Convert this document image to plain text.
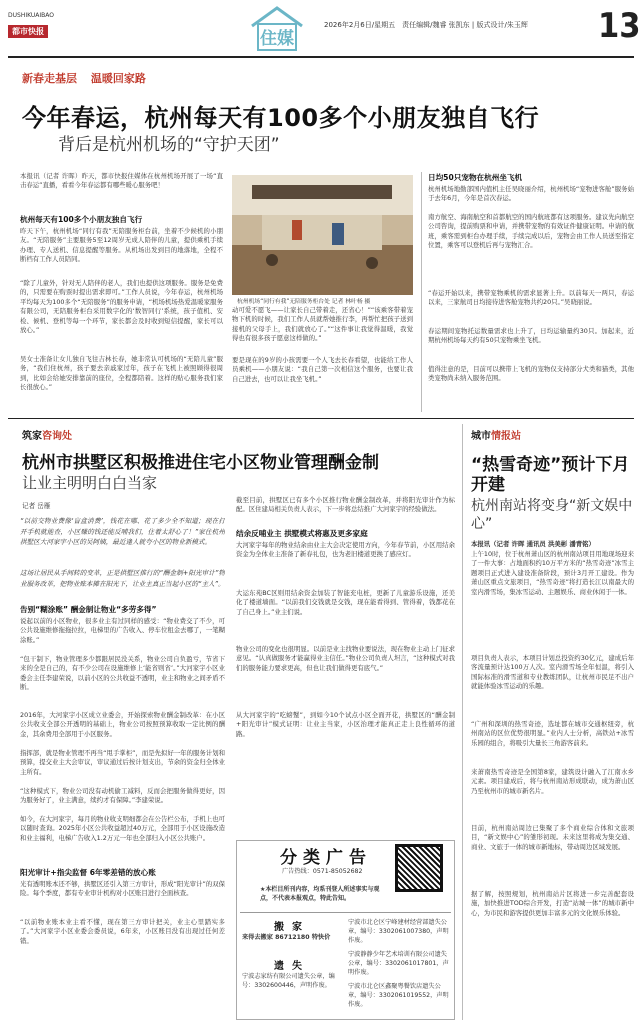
DUSHIKUAIBAO
都市快报	住媒
2026年2月6日/星期五　责任编辑/魏睿 张凯东 | 版式设计/朱玉辉 13
新春走基层 温暖回家路
今年春运，杭州每天有100多个小朋友独自飞行
背后是杭州机场的“守护天团”

本报讯（记者 许晖）昨天，都市快报住媒体在杭州机场开展了一场“直击春运”直播，看看今年春运都有哪些暖心服务吧！

杭州每天有100多个小朋友独自飞行

昨天下午，杭州机场“同行有我”无陪服务柜台前，坐着不少候机的小朋友。“无陪服务”主要服务5至12周岁无成人陪伴的儿童，提供乘机手续办理、专人送机、信息提醒等服务。从机场出发到目的地落地，全程不断档有工作人员陪同。

“除了儿童外，针对无人陪伴的老人，我们也提供这项服务。服务是免费的，只需要在购票时提出需求即可。”工作人员说，今年春运，杭州机场平均每天为100多个“无陪服务”的服务申请，“机场机场热爱温暖家服务有限公司，无陪服务柜台采用数字化的‘数智同行’系统，孩子值机、安检、候机、登机等每一个环节，家长都会及时收到短信提醒，家长可以放心。”

吴女士准备让女儿独自飞往吉林长春，她非常认可机场的“无陪儿童”服务，“我们住杭州，孩子要去亲戚家过年，孩子在飞机上被照顾得很周到，比如会给她安排靠前的座位，全程都陪着。这样的贴心服务我们家长很放心。”

杭州机场“同行有我”无陪服务柜台处 记者 林叶杨 摄

动可爱不愿飞——让家长自己带着走，还省心！”“该乘客带着宠物下机的时候，我们工作人员就帮她推行李，再帮忙把孩子送到接机的父母手上，我们就放心了。”“这件事让我觉得温暖，我觉得也有很多孩子愿意这样做的。”

要是现在的9岁的小孩需要一个人飞去长春看望，也能给工作人员乘机——小朋友说：“我自己第一次相信这个服务，也要让我自己进去，也可以让我坐飞机。”

日均50只宠物在杭州坐飞机

杭州机场地勤部国内值机主任吴晓丽介绍，杭州机场“宠物进客舱”服务始于去年6月，今年是首次春运。

南方航空、海南航空和首都航空的国内航班都有这项服务。建议先向航空公司咨询，提前购票和申请，并携带宠物的有效证件健康证明。申请的航班，乘客需到柜台办理手续，手续完成以后，宠物会由工作人员送至指定位置，乘客可以登机后再与宠物汇合。

“春运开始以来，携带宠物乘机的需求显著上升。以前每天一两只，春运以来，三家航司日均接待进客舱宠物共约20只。”吴晓丽说。

春运期间宠物托运数量需求也上升了，日均运输量约30只。加起来，近期杭州机场每天约有50只宠物乘坐飞机。

值得注意的是，目前可以携带上飞机的宠物仅支持部分犬类和猫类，其他类宠物尚未纳入服务范围。

筑家咨询处
杭州市拱墅区积极推进住宅小区物业管理酬金制
让业主明明白白当家
记者 岳雁

“以前交物业费像‘盲盒消费’，钱花在哪、花了多少全不知道；现在打开手机就能查，小区赚的钱还能反哺我们，住着太舒心了！”家住杭州拱墅区大河家宇小区的吴阿姨，最近逢人就夸小区的物业新模式。

这场让居民从手间转的变革，正是拱墅区推行的“酬金制+阳光审计”物业服务改革，把物业账本摊在阳光下，让业主真正当起小区的“主人”。

告别“糊涂账” 酬金制让物业“多劳多得”

说起以前的小区物业，很多业主有过同样的感受：“物业费交了不少，可公共设施维修拖拖拉拉，电梯里的广告收入、停车位租金去哪了，一笔糊涂账。”

“包干制下，物业管理多少都跟居民没关系，物业公司自负盈亏，节省下来的全是自己的，有不少公司在设施维修上‘能省则省’。”大河家宇小区业委会主任李建荣说，以前小区的公共收益不透明，业主和物业之间矛盾不断。

2016年，大河家宇小区成立业委会，开始探索物业酬金制改革：在小区公共收支全部公开透明的基础上，物业公司按照预算收取一定比例的酬金，其余费用全部用于小区服务。

指挥部，就是物业管理不再当“甩手掌柜”，而是先拟好一年的服务计划和预算，提交业主大会审议，审议通过后按计划支出，节余的资金归全体业主所有。

“这种模式下，物业公司没有动机偷工减料，反而会把服务做得更好，因为服务好了，业主满意，续约才有保障。”李建荣说。

如今，在大河家宇，每月的物业收支明细都会在公告栏公布，手机上也可以随时查询。2025年小区公共收益超过40万元，全部用于小区设施改造和业主福利，电梯广告收入1.2万元一年也全部归入小区公共账户。

阳光审计+指尖监督 6年零差错的放心账

光有透明账本还不够，拱墅区还引入第三方审计，形成“阳光审计”的双保险。每个季度，都有专业审计机构对小区账目进行全面核查。

“以前物业账本业主看不懂，现在第三方审计把关，业主心里踏实多了。”大河家宇小区业委会委员说，6年来，小区账目没有出现过任何差错。

截至目前，拱墅区已有多个小区推行物业酬金制改革，并将阳光审计作为标配。区住建局相关负责人表示，下一步将总结推广大河家宇的经验做法。

结余反哺业主 拱墅模式将惠及更多家庭

大河家宇每年的物业结余由业主大会决定使用方向，今年春节前，小区用结余资金为全体业主准备了新春礼包，也为老旧楼道更换了感应灯。

大运东苑BC区则用结余资金加装了智能充电桩，更新了儿童游乐设施，还美化了楼道墙面。“以前我们交钱就是交钱，现在能看得到、管得着，钱都花在了自己身上。”业主们说。

物业公司的变化也很明显。以前是业主找物业要说法，现在物业主动上门征求意见。“认真做服务才能赢得业主信任。”物业公司负责人坦言，“这种模式对我们的服务能力要求更高，但也让我们做得更有底气。”

从大河家宇的“吃螃蟹”，到如今10个试点小区全面开花，拱墅区的“酬金制+阳光审计”模式证明：让业主当家，小区治理才能真正走上良性循环的道路。

分类广告
广告热线：0571-85052682
★本栏目所刊内容，均系刊登人所述事实与观点，不代表本报观点，特此告知。

搬家

来得去搬家 86712180 特快价

遗失

宁波志家纺有限公司遗失公章，编号：3302600446，声明作废。

宁波市北仑区宁峰建材经营部遗失公章，编号：3302061007380，声明作废。

宁波静静少年艺术培训有限公司遗失公章，编号：3302061017801，声明作废。

宁波市北仑区鑫聚粤餐饮店遗失公章，编号：3302061019552，声明作废。

城市情报站
“热雪奇迹”预计下月开建
杭州南站将变身“新文娱中心”

本报讯（记者 许晖 通讯员 洪美彬 潘青铭）

上午10时，位于杭州萧山区的杭州南站项目用地现场迎来了一件大事：占地面积约10万平方米的“热雪奇迹”冰雪主题项目正式进入建设准备阶段，预计3月开工建设。作为萧山区重点文旅项目，“热雪奇迹”将打造长江以南最大的室内滑雪场，集冰雪运动、主题娱乐、商业休闲于一体。

项目负责人表示，本项目计划总投资约30亿元，建成后年客流量预计达100万人次。室内滑雪场全年恒温，将引入国际标准的滑雪道和专业教练团队，让杭州市民足不出户就能体验冰雪运动的乐趣。

“广州和深圳的热雪奇迹，选址都在城市交通枢纽旁，杭州南站的区位优势很明显。”业内人士分析，高铁站+冰雪乐园的组合，将吸引大量长三角游客前来。

来萧南热雪奇迹是全国第8家，建筑设计融入了江南水乡元素。项目建成后，将与杭州南站形成联动，成为萧山区乃至杭州市的城市新名片。

目前，杭州南站周边已集聚了多个商业综合体和文旅项目，“新文娱中心”的雏形初现。未来这里将成为集交通、商业、文旅于一体的城市新地标，带动周边区域发展。

据了解，按照规划，杭州南站片区将进一步完善配套设施，加快推进TOD综合开发，打造“站城一体”的城市新中心，为市民和游客提供更加丰富多元的文化娱乐体验。
